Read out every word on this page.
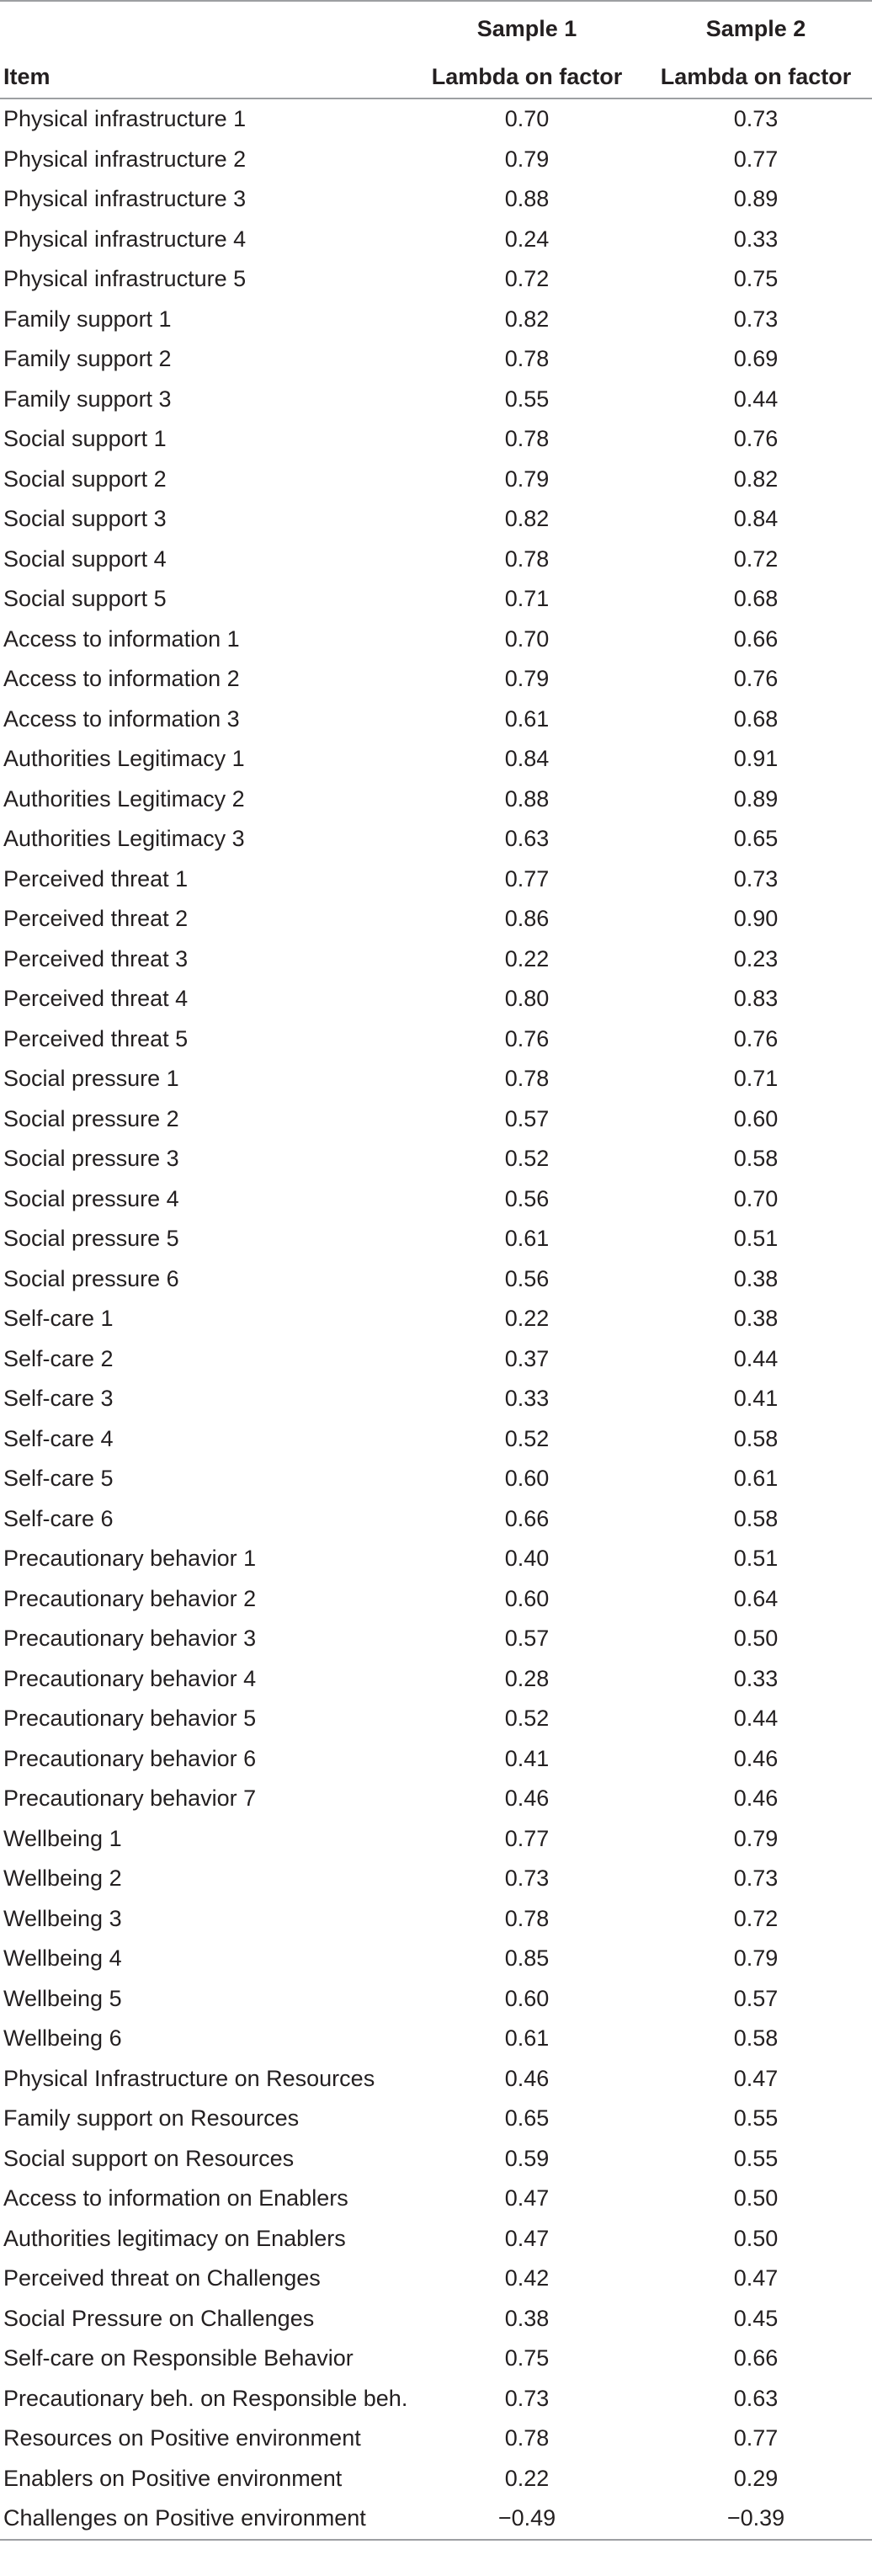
Sample 1	Sample 2
Item	Lambda on factor	Lambda on factor
Physical infrastructure 1	0.70	0.73
Physical infrastructure 2	0.79	0.77
Physical infrastructure 3	0.88	0.89
Physical infrastructure 4	0.24	0.33
Physical infrastructure 5	0.72	0.75
Family support 1	0.82	0.73
Family support 2	0.78	0.69
Family support 3	0.55	0.44
Social support 1	0.78	0.76
Social support 2	0.79	0.82
Social support 3	0.82	0.84
Social support 4	0.78	0.72
Social support 5	0.71	0.68
Access to information 1	0.70	0.66
Access to information 2	0.79	0.76
Access to information 3	0.61	0.68
Authorities Legitimacy 1	0.84	0.91
Authorities Legitimacy 2	0.88	0.89
Authorities Legitimacy 3	0.63	0.65
Perceived threat 1	0.77	0.73
Perceived threat 2	0.86	0.90
Perceived threat 3	0.22	0.23
Perceived threat 4	0.80	0.83
Perceived threat 5	0.76	0.76
Social pressure 1	0.78	0.71
Social pressure 2	0.57	0.60
Social pressure 3	0.52	0.58
Social pressure 4	0.56	0.70
Social pressure 5	0.61	0.51
Social pressure 6	0.56	0.38
Self-care 1	0.22	0.38
Self-care 2	0.37	0.44
Self-care 3	0.33	0.41
Self-care 4	0.52	0.58
Self-care 5	0.60	0.61
Self-care 6	0.66	0.58
Precautionary behavior 1	0.40	0.51
Precautionary behavior 2	0.60	0.64
Precautionary behavior 3	0.57	0.50
Precautionary behavior 4	0.28	0.33
Precautionary behavior 5	0.52	0.44
Precautionary behavior 6	0.41	0.46
Precautionary behavior 7	0.46	0.46
Wellbeing 1	0.77	0.79
Wellbeing 2	0.73	0.73
Wellbeing 3	0.78	0.72
Wellbeing 4	0.85	0.79
Wellbeing 5	0.60	0.57
Wellbeing 6	0.61	0.58
Physical Infrastructure on Resources	0.46	0.47
Family support on Resources	0.65	0.55
Social support on Resources	0.59	0.55
Access to information on Enablers	0.47	0.50
Authorities legitimacy on Enablers	0.47	0.50
Perceived threat on Challenges	0.42	0.47
Social Pressure on Challenges	0.38	0.45
Self-care on Responsible Behavior	0.75	0.66
Precautionary beh. on Responsible beh.	0.73	0.63
Resources on Positive environment	0.78	0.77
Enablers on Positive environment	0.22	0.29
Challenges on Positive environment	−0.49	−0.39
